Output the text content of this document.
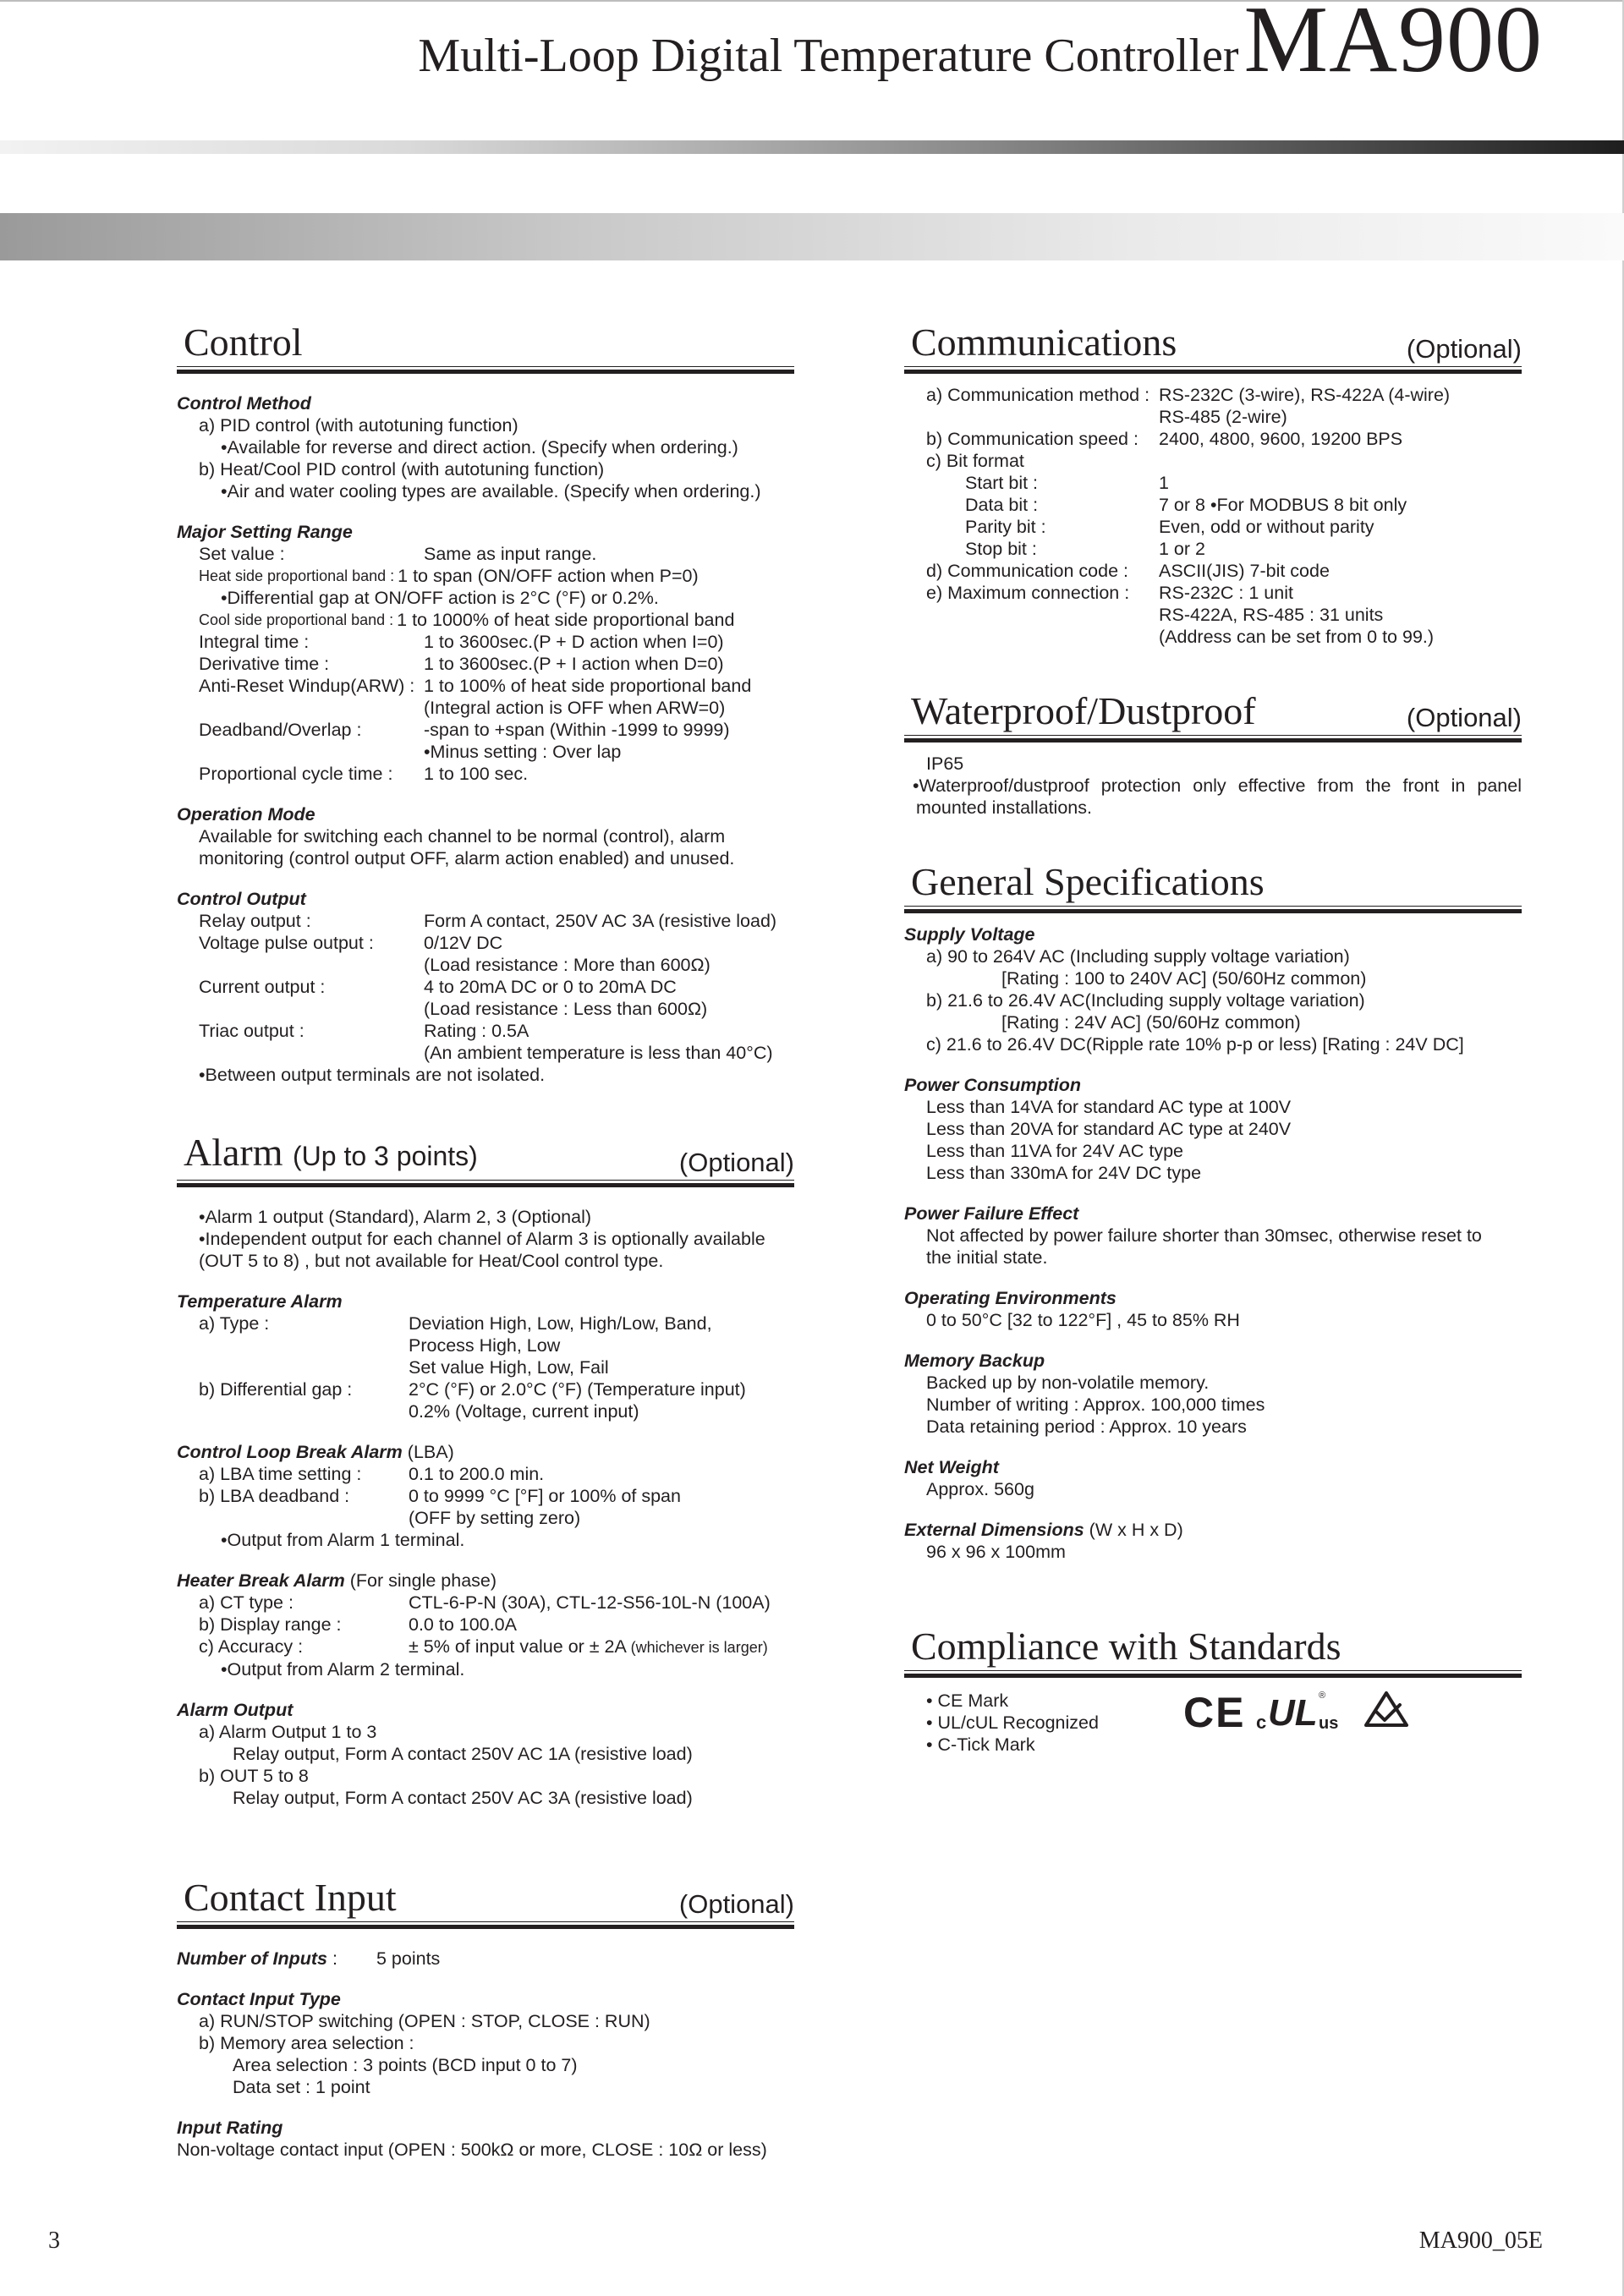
Multi-Loop Digital Temperature Controller MA900
Control
Control Method
a) PID control (with autotuning function)
•Available for reverse and direct action. (Specify when ordering.)
b) Heat/Cool PID control (with autotuning function)
•Air and water cooling types are available. (Specify when ordering.)
Major Setting Range
Set value :	Same as input range.
Heat side proportional band : 1 to span (ON/OFF action when P=0)
•Differential gap at ON/OFF action is 2°C (°F) or 0.2%.
Cool side proportional band : 1 to 1000% of heat side proportional band
Integral time :	1 to 3600sec.(P + D action when I=0)
Derivative time :	1 to 3600sec.(P + I action when D=0)
Anti-Reset Windup(ARW) : 1 to 100% of heat side proportional band
(Integral action is OFF when ARW=0)
Deadband/Overlap :	-span to +span (Within -1999 to 9999)
•Minus setting : Over lap
Proportional cycle time :	1 to 100 sec.
Operation Mode
Available for switching each channel to be normal (control), alarm
monitoring (control output OFF, alarm action enabled) and unused.
Control Output
Relay output :	Form A contact, 250V AC 3A (resistive load)
Voltage pulse output :	0/12V DC
(Load resistance : More than 600Ω)
Current output :	4 to 20mA DC or 0 to 20mA DC
(Load resistance : Less than 600Ω)
Triac output :	Rating : 0.5A
(An ambient temperature is less than 40°C)
•Between output terminals are not isolated.
Alarm (Up to 3 points)	(Optional)
•Alarm 1 output (Standard), Alarm 2, 3 (Optional)
•Independent output for each channel of Alarm 3 is optionally available
(OUT 5 to 8) , but not available for Heat/Cool control type.
Temperature Alarm
a) Type :	Deviation High, Low, High/Low, Band,
Process High, Low
Set value High, Low, Fail
b) Differential gap :	2°C (°F) or 2.0°C (°F) (Temperature input)
0.2% (Voltage, current input)
Control Loop Break Alarm (LBA)
a) LBA time setting :	0.1 to 200.0 min.
b) LBA deadband :	0 to 9999 °C [°F] or 100% of span
(OFF by setting zero)
•Output from Alarm 1 terminal.
Heater Break Alarm (For single phase)
a) CT type :	CTL-6-P-N (30A), CTL-12-S56-10L-N (100A)
b) Display range :	0.0 to 100.0A
c) Accuracy :	± 5% of input value or ± 2A (whichever is larger)
•Output from Alarm 2 terminal.
Alarm Output
a) Alarm Output 1 to 3
Relay output, Form A contact 250V AC 1A (resistive load)
b) OUT 5 to 8
Relay output, Form A contact 250V AC 3A (resistive load)
Contact Input	(Optional)
Number of Inputs :	5 points
Contact Input Type
a) RUN/STOP switching (OPEN : STOP, CLOSE : RUN)
b) Memory area selection :
Area selection : 3 points (BCD input 0 to 7)
Data set : 1 point
Input Rating
Non-voltage contact input (OPEN : 500kΩ or more, CLOSE : 10Ω or less)
Communications	(Optional)
a) Communication method : RS-232C (3-wire), RS-422A (4-wire)
RS-485 (2-wire)
b) Communication speed :	2400, 4800, 9600, 19200 BPS
c) Bit format
Start bit :	1
Data bit :	7 or 8 •For MODBUS 8 bit only
Parity bit :	Even, odd or without parity
Stop bit :	1 or 2
d) Communication code :	ASCII(JIS) 7-bit code
e) Maximum connection :	RS-232C : 1 unit
RS-422A, RS-485 : 31 units
(Address can be set from 0 to 99.)
Waterproof/Dustproof	(Optional)
IP65
•Waterproof/dustproof protection only effective from the front in panel mounted installations.
General Specifications
Supply Voltage
a) 90 to 264V AC (Including supply voltage variation)
[Rating : 100 to 240V AC] (50/60Hz common)
b) 21.6 to 26.4V AC(Including supply voltage variation)
[Rating : 24V AC] (50/60Hz common)
c) 21.6 to 26.4V DC(Ripple rate 10% p-p or less) [Rating : 24V DC]
Power Consumption
Less than 14VA for standard AC type at 100V
Less than 20VA for standard AC type at 240V
Less than 11VA for 24V AC type
Less than 330mA for 24V DC type
Power Failure Effect
Not affected by power failure shorter than 30msec, otherwise reset to
the initial state.
Operating Environments
0 to 50°C [32 to 122°F] , 45 to 85% RH
Memory Backup
Backed up by non-volatile memory.
Number of writing : Approx. 100,000 times
Data retaining period : Approx. 10 years
Net Weight
Approx. 560g
External Dimensions (W x H x D)
96 x 96 x 100mm
Compliance with Standards
• CE Mark
• UL/cUL Recognized
• C-Tick Mark
CE c UL us
®
3	MA900_05E
